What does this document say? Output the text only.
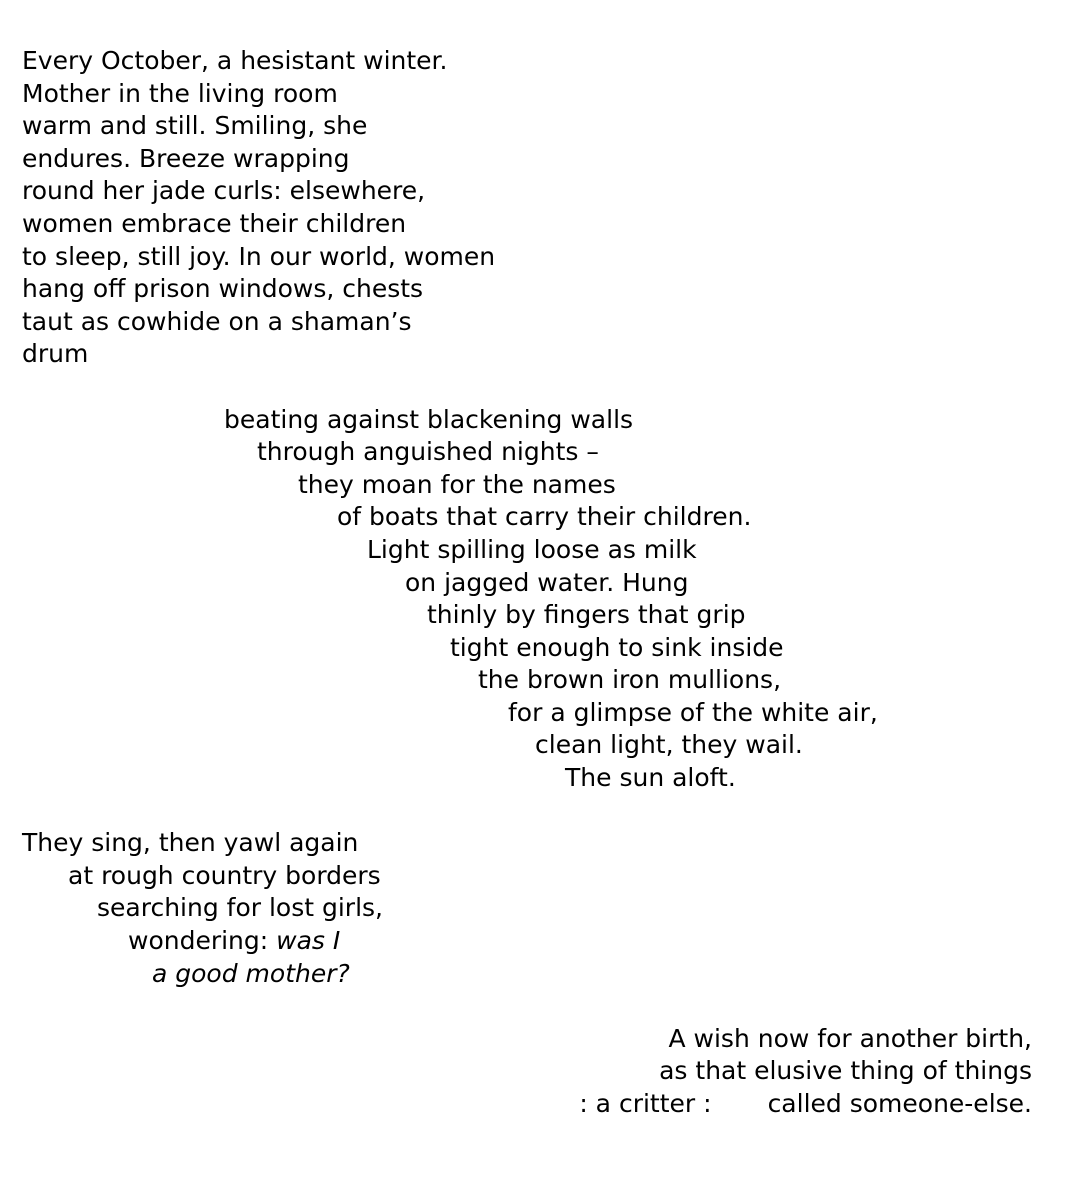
Every October, a hesistant winter.
Mother in the living room
warm and still. Smiling, she
endures. Breeze wrapping
round her jade curls: elsewhere,
women embrace their children
to sleep, still joy. In our world, women
hang off prison windows, chests
taut as cowhide on a shaman’s
drum
beating against blackening walls
through anguished nights –
they moan for the names
of boats that carry their children.
Light spilling loose as milk
on jagged water. Hung
thinly by fingers that grip
tight enough to sink inside
the brown iron mullions,
for a glimpse of the white air,
clean light, they wail.
The sun aloft.
They sing, then yawl again
at rough country borders
searching for lost girls,
wondering: was I
a good mother?
A wish now for another birth,
as that elusive thing of things
: a critter : called someone-else.
